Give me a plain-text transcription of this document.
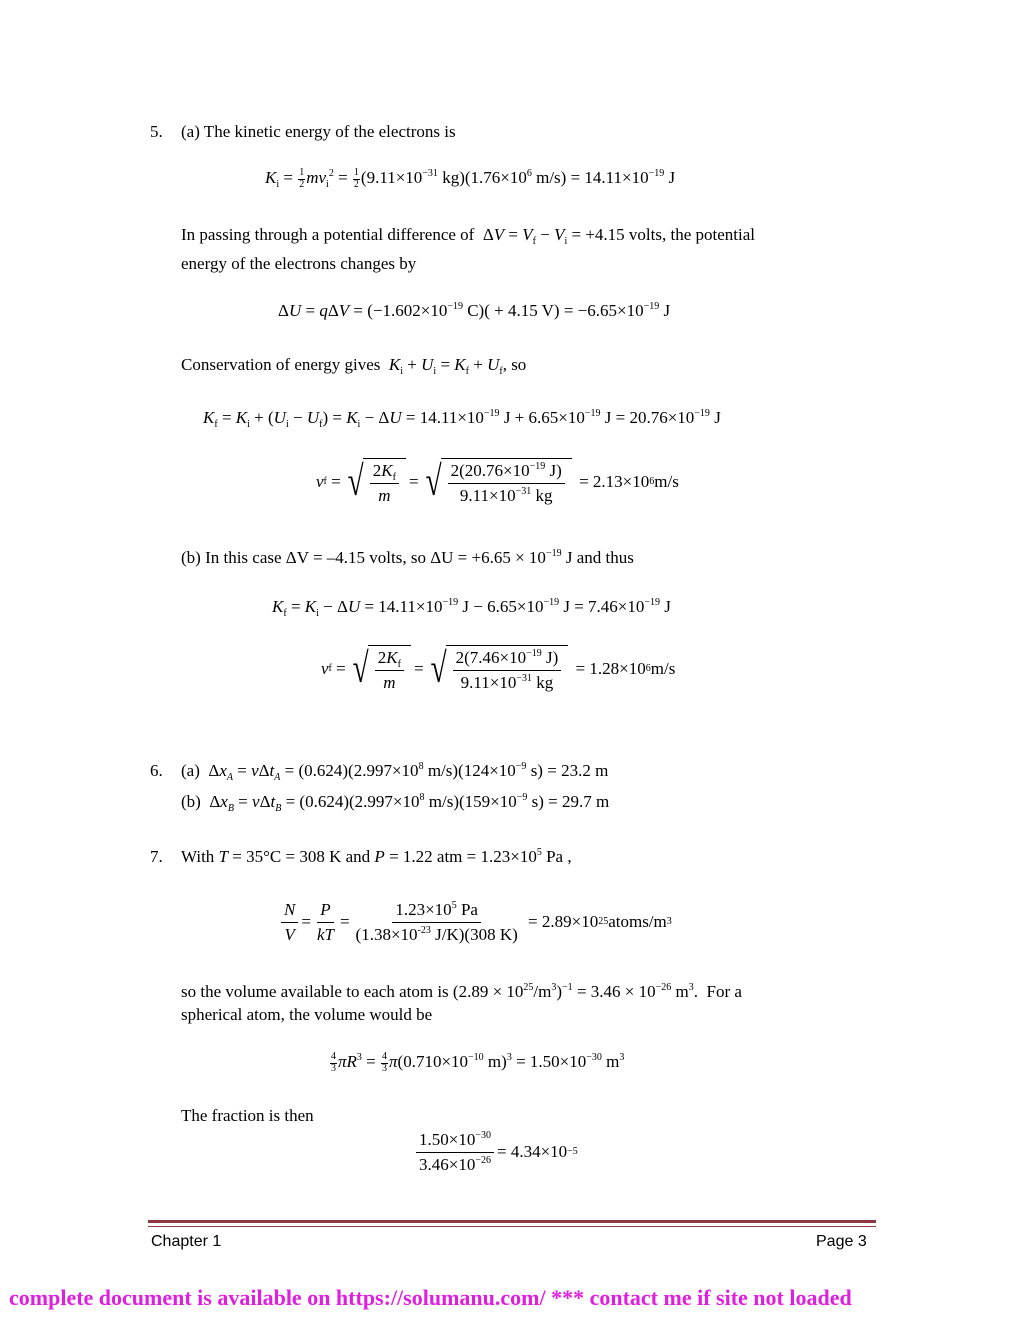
5. (a) The kinetic energy of the electrons is
$K_i = \frac{1}{2} mv_i^2 = \frac{1}{2} (9.11\times 10^{-31}$ $kg)(1.76\times 10^6$ $m/s) = 14.11\times 10^{-19}$ J
In passing through a potential difference of  $\Delta V = V_f - V_i = +4.15$ volts, the potential
energy of the electrons changes by
$\Delta U = q\Delta V = (-1.602\times 10^{-19}$ C)( + 4.15 $V) = -6.65\times 10^{-19}$ J
Conservation of energy gives $K_i + U_i = K_f + U_f$, so
$K_f = K_i + (U_i - U_f) = K_i - \Delta U = 14.11\times 10^{-19}$ $J + 6.65\times 10^{-19}$ $J = 20.76\times 10^{-19}$ J
v f = √ $\frac{2K_f}{m}$ = √ $\frac{2(20.76\times 10^{-19} J)}{9.11\times 10^{-31} kg} = 2.13\times 10$ 6 m/s
(b) In this case ΔV = –4.15 volts, so $\Delta U = +6.65 \times 10^{-19}$ J and thus
$K_f = K_i - \Delta U = 14.11\times 10^{-19}$ $J - 6.65\times 10^{-19}$ $J = 7.46\times 10^{-19}$ J
v f = √ $\frac{2K_f}{m}$ = √ $\frac{2(7.46\times 10^{-19} J)}{9.11\times 10^{-31} kg} = 1.28\times 10$ 6 m/s
6. (a)  $\Delta x_A = v\Delta t_A = (0.624)(2.997\times 10^8$ $m/s)(124\times 10^{-9}$ s) = 23.2 m
(b)  $\Delta x_B = v\Delta t_B = (0.624)(2.997\times 10^8$ $m/s)(159\times 10^{-9}$ s) = 29.7 m
7. With T = 35°C = 308 K and P = 1.22 atm = $1.23\times 10^5$ Pa ,
$\frac{N}{V} = \frac{P}{kT} = \frac{1.23\times 10^5 Pa}{(1.38\times 10^{-23} J/K)(308 K)} = 2.89\times 10$ 25 atoms/m 3
so the volume available to each atom is $(2.89 \times 10^{25}/m^3)^{-1} = 3.46 \times 10^{-26}$ $m^3$.  For a
spherical atom, the volume would be
$\frac{4}{3} \pi R^3 = \frac{4}{3} \pi(0.710\times 10^{-10}$ $m)^3 = 1.50\times 10^{-30}$ $m^3$
The fraction is then
$\frac{1.50\times 10^{-30}}{3.46\times 10^{-26}} = 4.34\times 10 -5$
Chapter 1	Page 3
complete document is available on https://solumanu.com/ *** contact me if site not loaded
